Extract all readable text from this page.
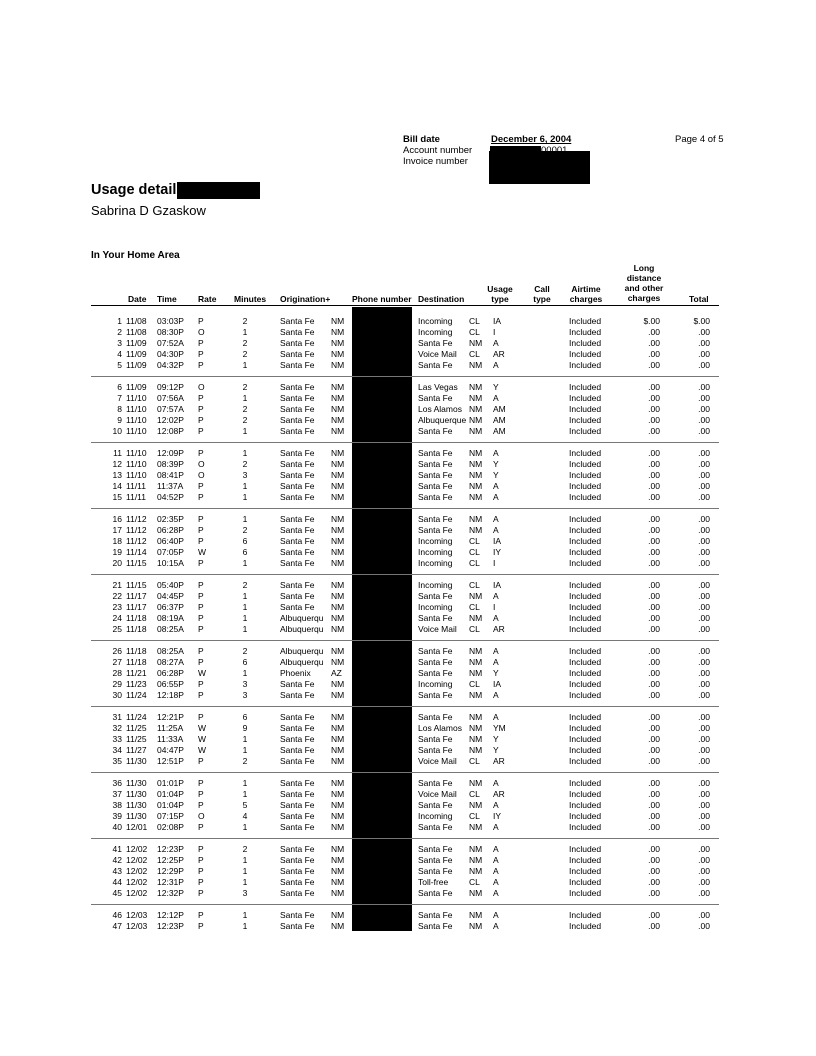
Bill date	December 6, 2004
Account number
Invoice number
Page 4 of 5
Usage detail
Sabrina D Gzaskow
In Your Home Area
Date Time	Rate Minutes Origination+	Phone number Destination
Usage
type
Call
type
Airtime
charges
Long
distance
and other
charges	Total
1 11/08	03:03P	P	2	Santa Fe	NM	Incoming	CL	IA	Included	$.00	$.00
2 11/08	08:30P	O	1	Santa Fe	NM	Incoming	CL	I	Included	.00	.00
3 11/09	07:52A	P	2	Santa Fe	NM	Santa Fe	NM	A	Included	.00	.00
4 11/09	04:30P	P	2	Santa Fe	NM	Voice Mail	CL	AR	Included	.00	.00
5 11/09	04:32P	P	1	Santa Fe	NM	Santa Fe	NM	A	Included	.00	.00
6 11/09	09:12P	O	2	Santa Fe	NM	Las Vegas	NM	Y	Included	.00	.00
7 11/10	07:56A	P	1	Santa Fe	NM	Santa Fe	NM	A	Included	.00	.00
8 11/10	07:57A	P	2	Santa Fe	NM	Los Alamos NM	AM	Included	.00	.00
9 11/10	12:02P	P	2	Santa Fe	NM	Albuquerque NM	AM	Included	.00	.00
10 11/10	12:08P	P	1	Santa Fe	NM	Santa Fe	NM	AM	Included	.00	.00
11 11/10	12:09P	P	1	Santa Fe	NM	Santa Fe	NM	A	Included	.00	.00
12 11/10	08:39P	O	2	Santa Fe	NM	Santa Fe	NM	Y	Included	.00	.00
13 11/10	08:41P	O	3	Santa Fe	NM	Santa Fe	NM	Y	Included	.00	.00
14 11/11	11:37A	P	1	Santa Fe	NM	Santa Fe	NM	A	Included	.00	.00
15 11/11	04:52P	P	1	Santa Fe	NM	Santa Fe	NM	A	Included	.00	.00
16 11/12	02:35P	P	1	Santa Fe	NM	Santa Fe	NM	A	Included	.00	.00
17 11/12	06:28P	P	2	Santa Fe	NM	Santa Fe	NM	A	Included	.00	.00
18 11/12	06:40P	P	6	Santa Fe	NM	Incoming	CL	IA	Included	.00	.00
19 11/14	07:05P	W	6	Santa Fe	NM	Incoming	CL	IY	Included	.00	.00
20 11/15	10:15A	P	1	Santa Fe	NM	Incoming	CL	I	Included	.00	.00
21 11/15	05:40P	P	2	Santa Fe	NM	Incoming	CL	IA	Included	.00	.00
22 11/17	04:45P	P	1	Santa Fe	NM	Santa Fe	NM	A	Included	.00	.00
23 11/17	06:37P	P	1	Santa Fe	NM	Incoming	CL	I	Included	.00	.00
24 11/18	08:19A	P	1	Albuquerqu NM	Santa Fe	NM	A	Included	.00	.00
25 11/18	08:25A	P	1	Albuquerqu NM	Voice Mail	CL	AR	Included	.00	.00
26 11/18	08:25A	P	2	Albuquerqu NM	Santa Fe	NM	A	Included	.00	.00
27 11/18	08:27A	P	6	Albuquerqu NM	Santa Fe	NM	A	Included	.00	.00
28 11/21	06:28P	W	1	Phoenix	AZ	Santa Fe	NM	Y	Included	.00	.00
29 11/23	06:55P	P	3	Santa Fe	NM	Incoming	CL	IA	Included	.00	.00
30 11/24	12:18P	P	3	Santa Fe	NM	Santa Fe	NM	A	Included	.00	.00
31 11/24	12:21P	P	6	Santa Fe	NM	Santa Fe	NM	A	Included	.00	.00
32 11/25	11:25A	W	9	Santa Fe	NM	Los Alamos NM	YM	Included	.00	.00
33 11/25	11:33A	W	1	Santa Fe	NM	Santa Fe	NM	Y	Included	.00	.00
34 11/27	04:47P	W	1	Santa Fe	NM	Santa Fe	NM	Y	Included	.00	.00
35 11/30	12:51P	P	2	Santa Fe	NM	Voice Mail	CL	AR	Included	.00	.00
36 11/30	01:01P	P	1	Santa Fe	NM	Santa Fe	NM	A	Included	.00	.00
37 11/30	01:04P	P	1	Santa Fe	NM	Voice Mail	CL	AR	Included	.00	.00
38 11/30	01:04P	P	5	Santa Fe	NM	Santa Fe	NM	A	Included	.00	.00
39 11/30	07:15P	O	4	Santa Fe	NM	Incoming	CL	IY	Included	.00	.00
40 12/01	02:08P	P	1	Santa Fe	NM	Santa Fe	NM	A	Included	.00	.00
41 12/02	12:23P	P	2	Santa Fe	NM	Santa Fe	NM	A	Included	.00	.00
42 12/02	12:25P	P	1	Santa Fe	NM	Santa Fe	NM	A	Included	.00	.00
43 12/02	12:29P	P	1	Santa Fe	NM	Santa Fe	NM	A	Included	.00	.00
44 12/02	12:31P	P	1	Santa Fe	NM	Toll-free	CL	A	Included	.00	.00
45 12/02	12:32P	P	3	Santa Fe	NM	Santa Fe	NM	A	Included	.00	.00
46 12/03	12:12P	P	1	Santa Fe	NM	Santa Fe	NM	A	Included	.00	.00
47 12/03	12:23P	P	1	Santa Fe	NM	Santa Fe	NM	A	Included	.00	.00
